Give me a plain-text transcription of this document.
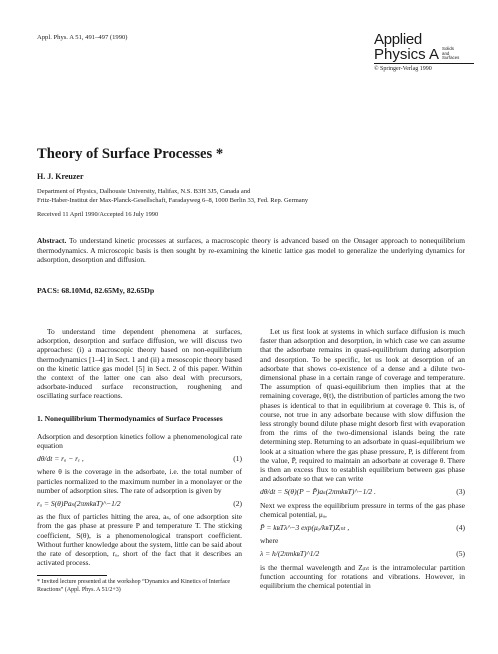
Appl. Phys. A 51, 491–497 (1990)	Applied
Physics A Solids
and
Surfaces
© Springer-Verlag 1990
Theory of Surface Processes *
H. J. Kreuzer
Department of Physics, Dalhousie University, Halifax, N.S. B3H 3J5, Canada and
Fritz-Haber-Institut der Max-Planck-Gesellschaft, Faradayweg 6–8, 1000 Berlin 33, Fed. Rep. Germany
Received 11 April 1990/Accepted 16 July 1990
Abstract. To understand kinetic processes at surfaces, a macroscopic theory is advanced based on the Onsager approach to nonequilibrium thermodynamics. A microscopic basis is then sought by re-examining the kinetic lattice gas model to generalize the underlying dynamics for adsorption, desorption and diffusion.
PACS: 68.10Md, 82.65My, 82.65Dp

To understand time dependent phenomena at surfaces, adsorption, desorption and surface diffusion, we will discuss two approaches: (i) a macroscopic theory based on non-equilibrium thermodynamics [1–4] in Sect. 1 and (ii) a mesoscopic theory based on the kinetic lattice gas model [5] in Sect. 2 of this paper. Within the context of the latter one can also deal with precursors, adsorbate-induced surface reconstruction, roughening and oscillating surface reactions.

1. Nonequilibrium Thermodynamics of Surface Processes

Adsorption and desorption kinetics follow a phenomenological rate equation

dθ/dt = rₐ − rₑ ,	(1)

where θ is the coverage in the adsorbate, i.e. the total number of particles normalized to the maximum number in a monolayer or the number of adsorption sites. The rate of adsorption is given by

rₐ = S(θ)Paₛ(2πmkʙT)^−1/2	(2)

as the flux of particles hitting the area, aₛ, of one adsorption site from the gas phase at pressure P and temperature T. The sticking coefficient, S(θ), is a phenomenological transport coefficient. Without further knowledge about the system, little can be said about the rate of desorption, rₑ, short of the fact that it describes an activated process.

* Invited lecture presented at the workshop “Dynamics and Kinetics of Interface Reactions” (Appl. Phys. A 51/2+3)

Let us first look at systems in which surface diffusion is much faster than adsorption and desorption, in which case we can assume that the adsorbate remains in quasi-equilibrium during adsorption and desorption. To be specific, let us look at desorption of an adsorbate that shows co-existence of a dense and a dilute two-dimensional phase in a certain range of coverage and temperature. The assumption of quasi-equilibrium then implies that at the remaining coverage, θ(t), the distribution of particles among the two phases is identical to that in equilibrium at coverage θ. This is, of course, not true in any adsorbate because with slow diffusion the less strongly bound dilute phase might desorb first with evaporation from the rims of the two-dimensional islands being the rate determining step. Returning to an adsorbate in quasi-equilibrium we look at a situation where the gas phase pressure, P, is different from the value, P̄, required to maintain an adsorbate at coverage θ. There is then an excess flux to establish equilibrium between gas phase and adsorbate so that we can write

dθ/dt = S(θ)(P − P̄)aₛ(2πmkʙT)^−1/2 .	(3)

Next we express the equilibrium pressure in terms of the gas phase chemical potential, μₐ,

P̄ = kʙTλ^−3 exp(μₐ/kʙT)Zᵢₙₜ ,	(4)

where

λ = h/(2πmkʙT)^1/2	(5)

is the thermal wavelength and Zᵢₙₜ is the intramolecular partition function accounting for rotations and vibrations. However, in equilibrium the chemical potential in
